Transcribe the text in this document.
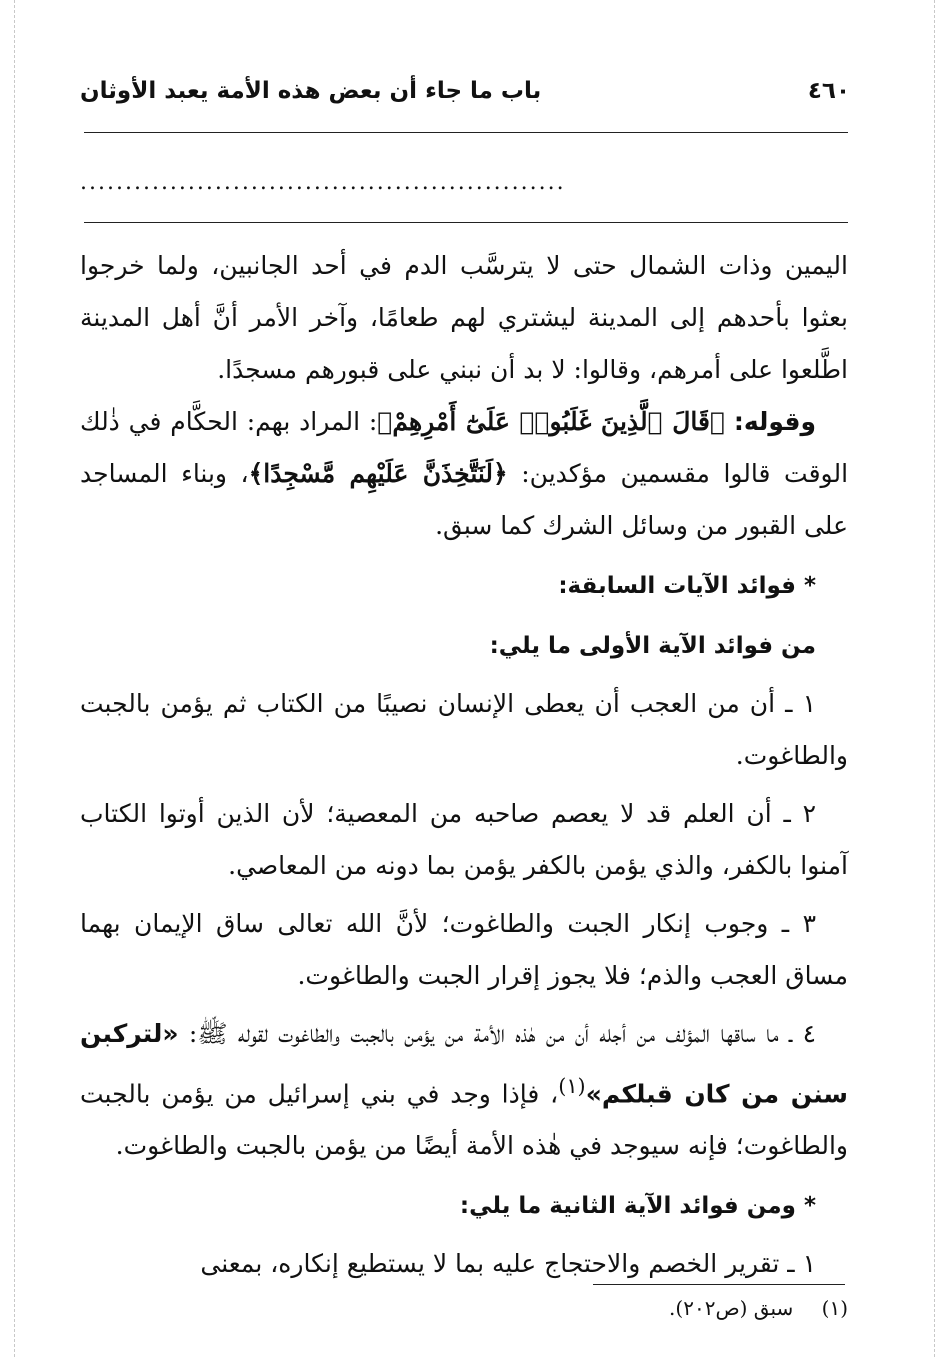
٤٦٠
باب ما جاء أن بعض هذه الأمة يعبد الأوثان
......................................................

اليمين وذات الشمال حتى لا يترسَّب الدم في أحد الجانبين، ولما خرجوا بعثوا بأحدهم إلى المدينة ليشتري لهم طعامًا، وآخر الأمر أنَّ أهل المدينة اطَّلعوا على أمرهم، وقالوا: لا بد أن نبني على قبورهم مسجدًا.

وقوله: ﴿قَالَ ٱلَّذِينَ غَلَبُوا۟ عَلَىٰٓ أَمْرِهِمْ﴾: المراد بهم: الحكَّام في ذٰلك الوقت قالوا مقسمين مؤكدين: ﴿لَنَتَّخِذَنَّ عَلَيْهِم مَّسْجِدًا﴾، وبناء المساجد على القبور من وسائل الشرك كما سبق.

* فوائد الآيات السابقة:

من فوائد الآية الأولى ما يلي:

١ ـ أن من العجب أن يعطى الإنسان نصيبًا من الكتاب ثم يؤمن بالجبت والطاغوت.

٢ ـ أن العلم قد لا يعصم صاحبه من المعصية؛ لأن الذين أوتوا الكتاب آمنوا بالكفر، والذي يؤمن بالكفر يؤمن بما دونه من المعاصي.

٣ ـ وجوب إنكار الجبت والطاغوت؛ لأنَّ الله تعالى ساق الإيمان بهما مساق العجب والذم؛ فلا يجوز إقرار الجبت والطاغوت.

٤ ـ ما ساقها المؤلف من أجله أن من هٰذه الأمة من يؤمن بالجبت والطاغوت لقوله ﷺ: «لتركبن سنن من كان قبلكم»$^{(١)}$، فإذا وجد في بني إسرائيل من يؤمن بالجبت والطاغوت؛ فإنه سيوجد في هٰذه الأمة أيضًا من يؤمن بالجبت والطاغوت.

* ومن فوائد الآية الثانية ما يلي:

١ ـ تقرير الخصم والاحتجاج عليه بما لا يستطيع إنكاره، بمعنى

(١) سبق (ص٢٠٢).
